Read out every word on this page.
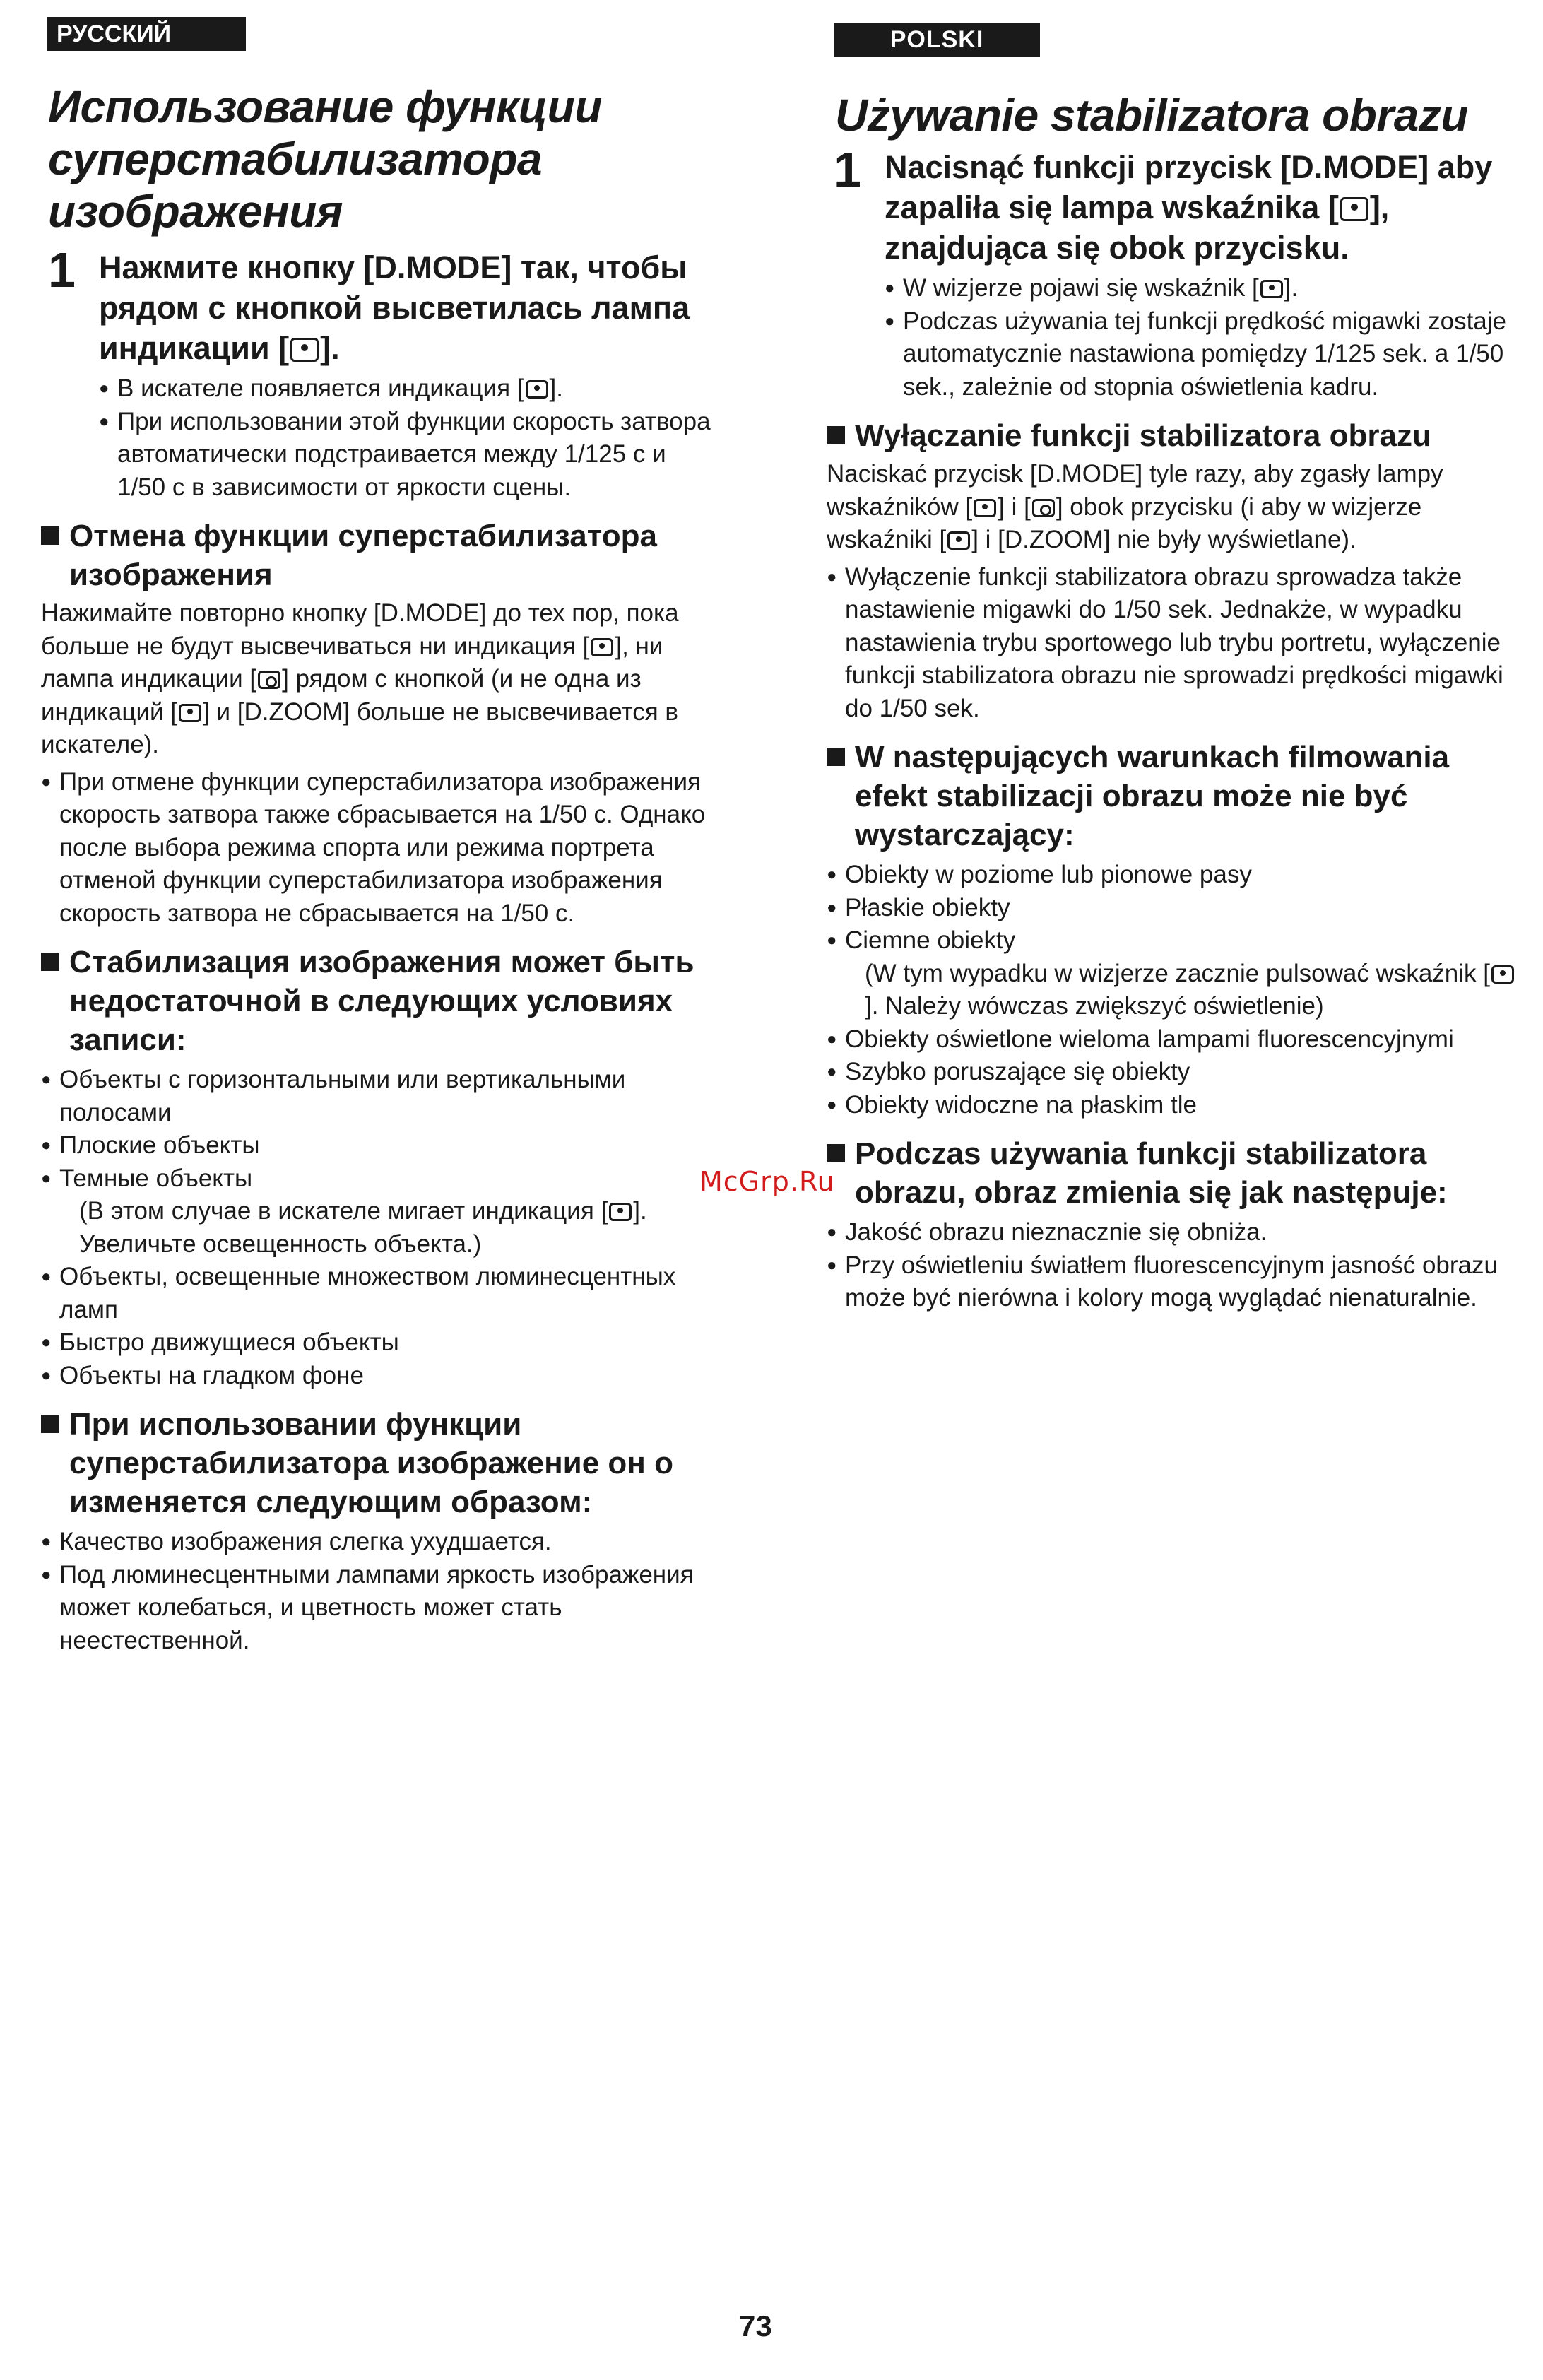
РУССКИЙ ЯЗЫК
Использование функции суперстабилизатора изображения
1 Нажмите кнопку [D.MODE] так, чтобы рядом с кнопкой высветилась лампа индикации [ ].
● В искателе появляется индикация [ ].
● При использовании этой функции скорость затвора автоматически подстраивается между 1/125 с и 1/50 с в зависимости от яркости сцены.
Отмена функции суперстабилизатора изображения

Нажимайте повторно кнопку [D.MODE] до тех пор, пока больше не будут высвечиваться ни индикация [ ], ни лампа индикации [ ] рядом с кнопкой (и не одна из индикаций [ ] и [D.ZOOM] больше не высвечивается в искателе).

● При отмене функции суперстабилизатора изображения скорость затвора также сбрасывается на 1/50 с. Однако после выбора режима спорта или режима портрета отменой функции суперстабилизатора изображения скорость затвора не сбрасывается на 1/50 с.
Стабилизация изображения может быть недостаточной в следующих условиях записи:
● Объекты с горизонтальными или вертикальными полосами
● Плоские объекты
● Темные объекты
(В этом случае в искателе мигает индикация [ ]. Увеличьте освещенность объекта.)
● Объекты, освещенные множеством люминесцентных ламп
● Быстро движущиеся объекты
● Объекты на гладком фоне
При использовании функции суперстабилизатора изображение он о изменяется следующим образом:
● Качество изображения слегка ухудшается.
● Под люминесцентными лампами яркость изображения может колебаться, и цветность может стать неестественной.
POLSKI
Używanie stabilizatora obrazu
1 Nacisnąć funkcji przycisk [D.MODE] aby zapaliła się lampa wskaźnika [ ], znajdująca się obok przycisku.
● W wizjerze pojawi się wskaźnik [ ].
● Podczas używania tej funkcji prędkość migawki zostaje automatycznie nastawiona pomiędzy 1/125 sek. a 1/50 sek., zależnie od stopnia oświetlenia kadru.
Wyłączanie funkcji stabilizatora obrazu

Naciskać przycisk [D.MODE] tyle razy, aby zgasły lampy wskaźników [ ] i [ ] obok przycisku (i aby w wizjerze wskaźniki [ ] i [D.ZOOM] nie były wyświetlane).

● Wyłączenie funkcji stabilizatora obrazu sprowadza także nastawienie migawki do 1/50 sek. Jednakże, w wypadku nastawienia trybu sportowego lub trybu portretu, wyłączenie funkcji stabilizatora obrazu nie sprowadzi prędkości migawki do 1/50 sek.
W następujących warunkach filmowania efekt stabilizacji obrazu może nie być wystarczający:
● Obiekty w poziome lub pionowe pasy
● Płaskie obiekty
● Ciemne obiekty
(W tym wypadku w wizjerze zacznie pulsować wskaźnik []. Należy wówczas zwiększyć oświetlenie)
● Obiekty oświetlone wieloma lampami fluorescencyjnymi
● Szybko poruszające się obiekty
● Obiekty widoczne na płaskim tle
Podczas używania funkcji stabilizatora obrazu, obraz zmienia się jak następuje:
● Jakość obrazu nieznacznie się obniża.
● Przy oświetleniu światłem fluorescencyjnym jasność obrazu może być nierówna i kolory mogą wyglądać nienaturalnie.
McGrp.Ru
73
